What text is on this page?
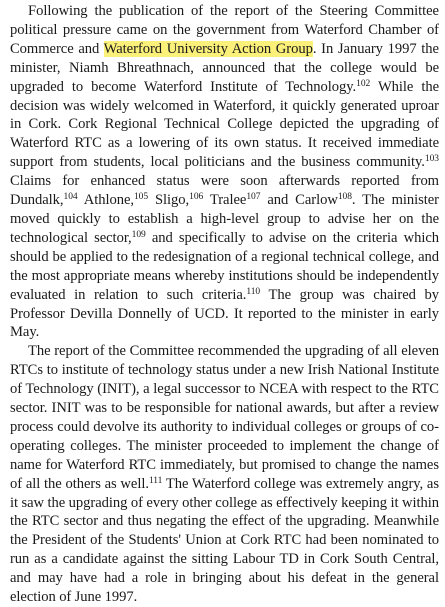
Following the publication of the report of the Steering Committee political pressure came on the government from Waterford Chamber of Commerce and Waterford University Action Group. In January 1997 the minister, Niamh Bhreathnach, announced that the college would be upgraded to become Waterford Institute of Technology.$^{102}$ While the decision was widely welcomed in Waterford, it quickly generated uproar in Cork. Cork Regional Technical College depicted the upgrading of Waterford RTC as a lowering of its own status. It received immediate support from students, local politicians and the business community.$^{103}$ Claims for enhanced status were soon afterwards reported from Dundalk,$^{104}$ Athlone,$^{105}$ Sligo,$^{106}$ Tralee$^{107}$ and Carlow$^{108}$. The minister moved quickly to establish a high-level group to advise her on the technological sector,$^{109}$ and specifically to advise on the criteria which should be applied to the redesignation of a regional technical college, and the most appropriate means whereby institutions should be independently evaluated in relation to such criteria.$^{110}$ The group was chaired by Professor Devilla Donnelly of UCD. It reported to the minister in early May.

The report of the Committee recommended the upgrading of all eleven RTCs to institute of technology status under a new Irish National Institute of Technology (INIT), a legal successor to NCEA with respect to the RTC sector. INIT was to be responsible for national awards, but after a review process could devolve its authority to individual colleges or groups of co-operating colleges. The minister proceeded to implement the change of name for Waterford RTC immediately, but promised to change the names of all the others as well.$^{111}$ The Waterford college was extremely angry, as it saw the upgrading of every other college as effectively keeping it within the RTC sector and thus negating the effect of the upgrading. Meanwhile the President of the Students' Union at Cork RTC had been nominated to run as a candidate against the sitting Labour TD in Cork South Central, and may have had a role in bringing about his defeat in the general election of June 1997.
